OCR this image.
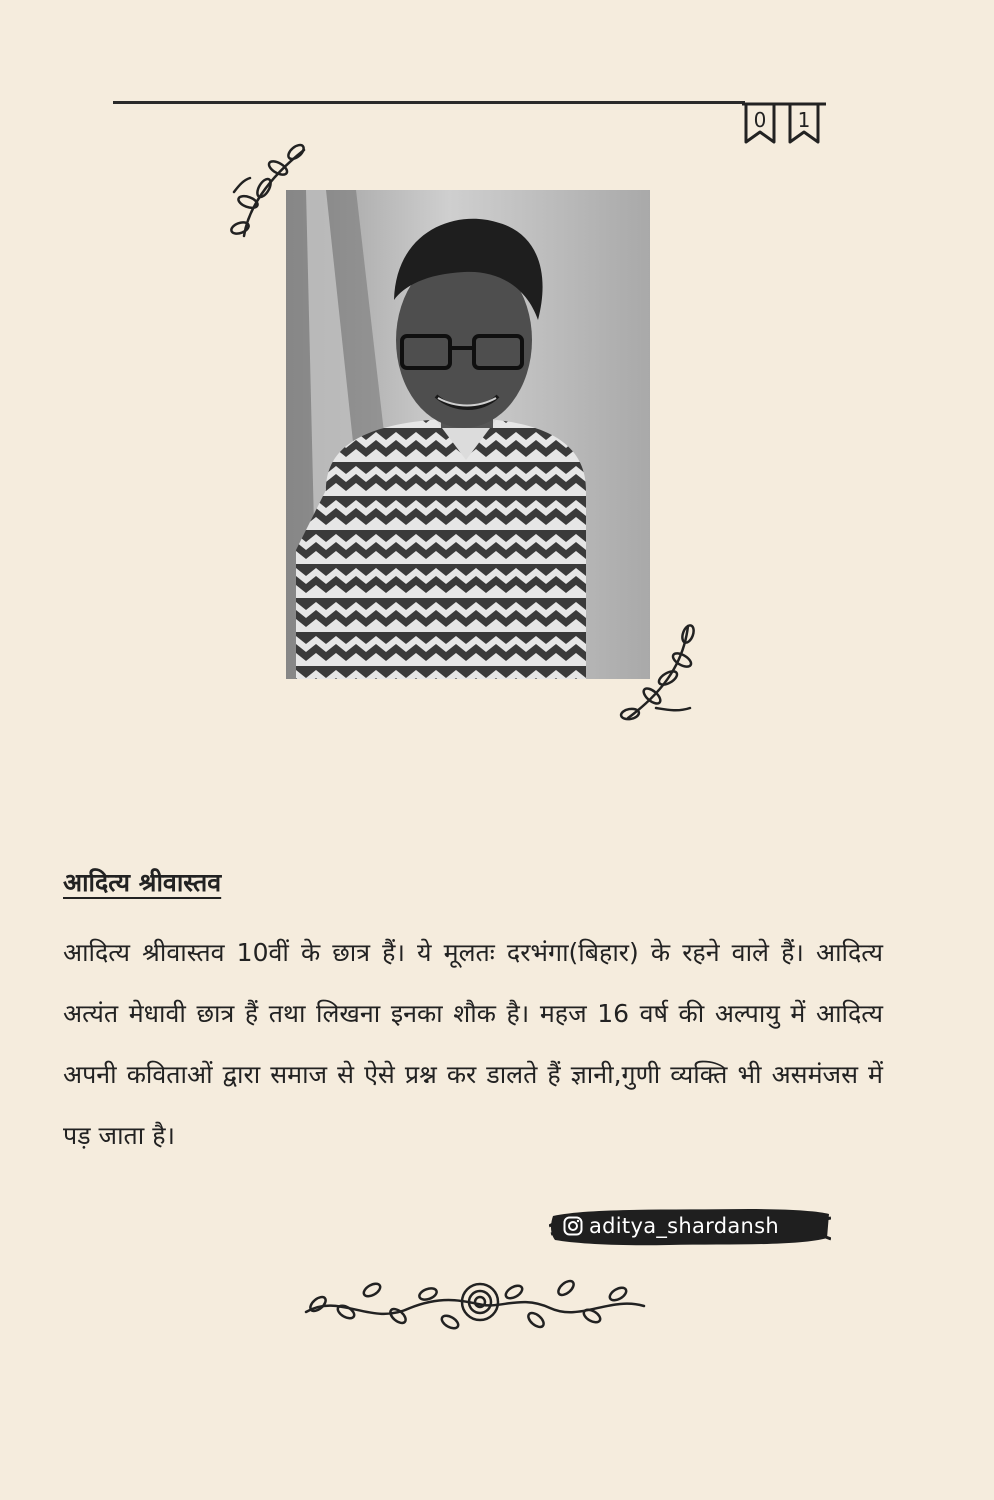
0 1
आदित्य श्रीवास्तव

आदित्य श्रीवास्तव 10वीं के छात्र हैं। ये मूलतः दरभंगा(बिहार) के रहने वाले हैं। आदित्य अत्यंत मेधावी छात्र हैं तथा लिखना इनका शौक है। महज 16 वर्ष की अल्पायु में आदित्य अपनी कविताओं द्वारा समाज से ऐसे प्रश्न कर डालते हैं ज्ञानी,गुणी व्यक्ति भी असमंजस में पड़ जाता है।

aditya_shardansh
